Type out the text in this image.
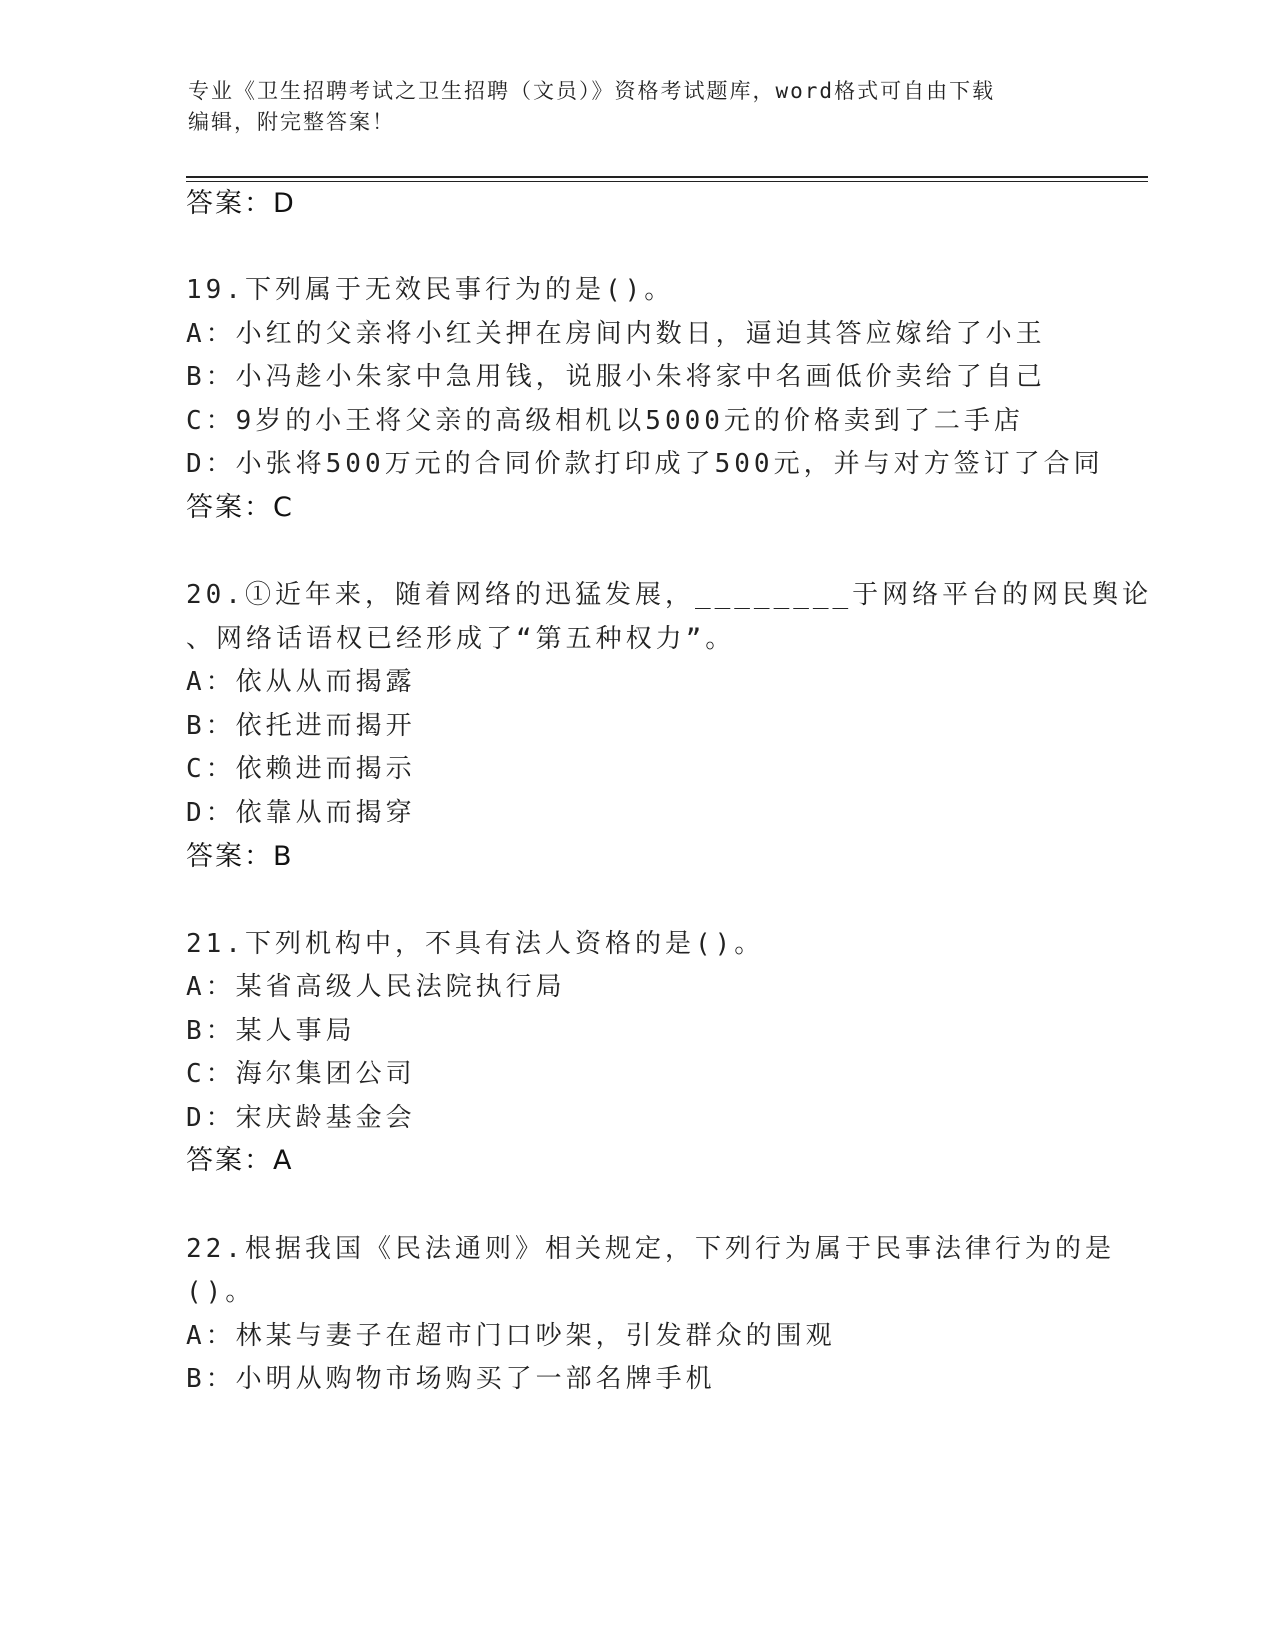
专业《卫生招聘考试之卫生招聘（文员）》资格考试题库，word格式可自由下载
编辑，附完整答案！
答案：D
19.下列属于无效民事行为的是()。
A：小红的父亲将小红关押在房间内数日，逼迫其答应嫁给了小王
B：小冯趁小朱家中急用钱，说服小朱将家中名画低价卖给了自己
C：9岁的小王将父亲的高级相机以5000元的价格卖到了二手店
D：小张将500万元的合同价款打印成了500元，并与对方签订了合同
答案：C
20.①近年来，随着网络的迅猛发展，________于网络平台的网民舆论
、网络话语权已经形成了“第五种权力”。
A：依从从而揭露
B：依托进而揭开
C：依赖进而揭示
D：依靠从而揭穿
答案：B
21.下列机构中，不具有法人资格的是()。
A：某省高级人民法院执行局
B：某人事局
C：海尔集团公司
D：宋庆龄基金会
答案：A
22.根据我国《民法通则》相关规定，下列行为属于民事法律行为的是
()。
A：林某与妻子在超市门口吵架，引发群众的围观
B：小明从购物市场购买了一部名牌手机
